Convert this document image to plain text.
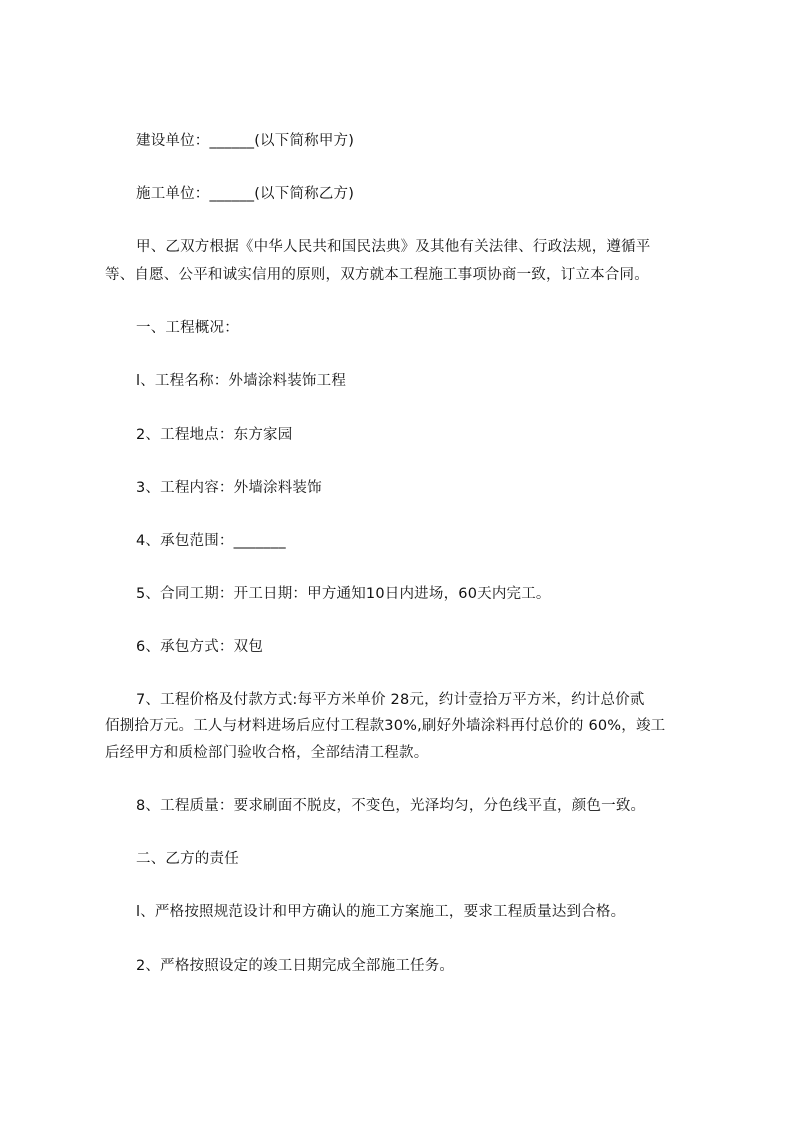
建设单位：______(以下简称甲方)
施工单位：______(以下简称乙方)
甲、乙双方根据《中华人民共和国民法典》及其他有关法律、行政法规，遵循平
等、自愿、公平和诚实信用的原则，双方就本工程施工事项协商一致，订立本合同。
一、工程概况：
l、工程名称：外墙涂料装饰工程
2、工程地点：东方家园
3、工程内容：外墙涂料装饰
4、承包范围：_______
5、合同工期：开工日期：甲方通知10日内进场，60天内完工。
6、承包方式：双包
7、工程价格及付款方式:每平方米单价 28元，约计壹拾万平方米，约计总价贰
佰捌拾万元。工人与材料进场后应付工程款30%,刷好外墙涂料再付总价的 60%，竣工
后经甲方和质检部门验收合格，全部结清工程款。
8、工程质量：要求刷面不脱皮，不变色，光泽均匀，分色线平直，颜色一致。
二、乙方的责任
l、严格按照规范设计和甲方确认的施工方案施工，要求工程质量达到合格。
2、严格按照设定的竣工日期完成全部施工任务。
